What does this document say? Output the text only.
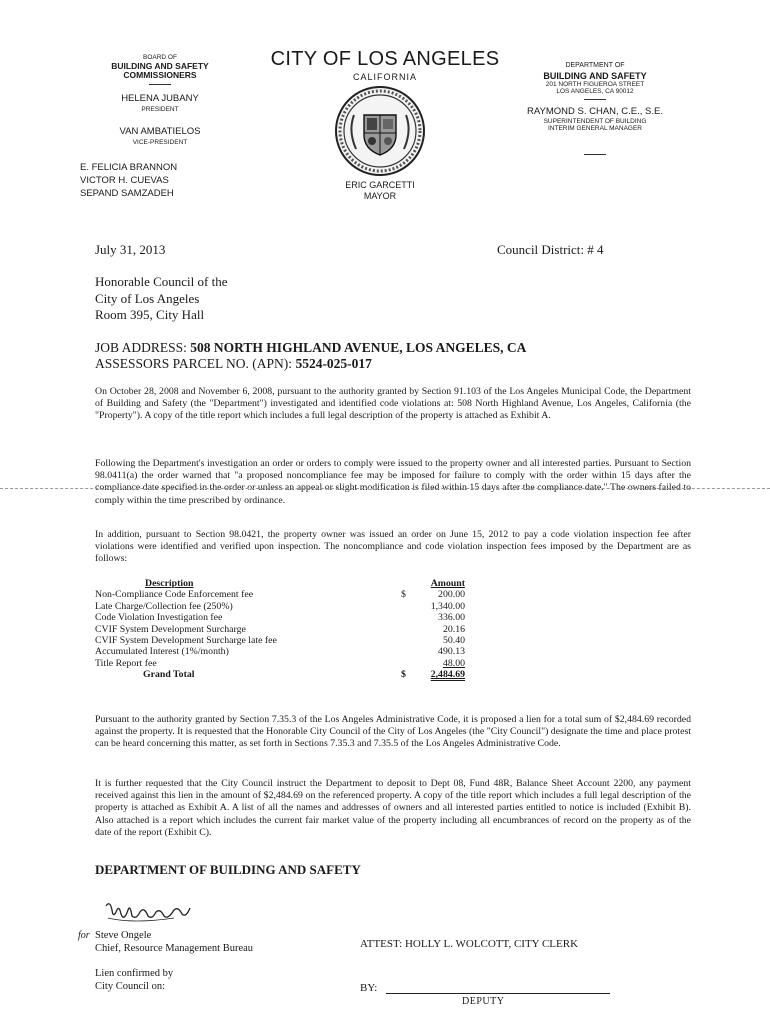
BOARD OF
BUILDING AND SAFETY
COMMISSIONERS
HELENA JUBANY
PRESIDENT
VAN AMBATIELOS
VICE-PRESIDENT
E. FELICIA BRANNON
VICTOR H. CUEVAS
SEPAND SAMZADEH
CITY OF LOS ANGELES
CALIFORNIA
ERIC GARCETTI
MAYOR
DEPARTMENT OF
BUILDING AND SAFETY
201 NORTH FIGUEROA STREET
LOS ANGELES, CA 90012
RAYMOND S. CHAN, C.E., S.E.
SUPERINTENDENT OF BUILDING
INTERIM GENERAL MANAGER
July 31, 2013	Council District: # 4
Honorable Council of the
City of Los Angeles
Room 395, City Hall
JOB ADDRESS: 508 NORTH HIGHLAND AVENUE, LOS ANGELES, CA
ASSESSORS PARCEL NO. (APN): 5524-025-017
On October 28, 2008 and November 6, 2008, pursuant to the authority granted by Section 91.103 of the Los Angeles Municipal Code, the Department of Building and Safety (the "Department") investigated and identified code violations at: 508 North Highland Avenue, Los Angeles, California (the "Property"). A copy of the title report which includes a full legal description of the property is attached as Exhibit A.
Following the Department's investigation an order or orders to comply were issued to the property owner and all interested parties. Pursuant to Section 98.0411(a) the order warned that "a proposed noncompliance fee may be imposed for failure to comply with the order within 15 days after the compliance date specified in the order or unless an appeal or slight modification is filed within 15 days after the compliance date." The owners failed to comply within the time prescribed by ordinance.
In addition, pursuant to Section 98.0421, the property owner was issued an order on June 15, 2012 to pay a code violation inspection fee after violations were identified and verified upon inspection. The noncompliance and code violation inspection fees imposed by the Department are as follows:
Description	Amount
Non-Compliance Code Enforcement fee	$	200.00
Late Charge/Collection fee (250%)	1,340.00
Code Violation Investigation fee	336.00
CVIF System Development Surcharge	20.16
CVIF System Development Surcharge late fee	50.40
Accumulated Interest (1%/month)	490.13
Title Report fee	48.00
Grand Total	$	2,484.69
Pursuant to the authority granted by Section 7.35.3 of the Los Angeles Administrative Code, it is proposed a lien for a total sum of $2,484.69 recorded against the property. It is requested that the Honorable City Council of the City of Los Angeles (the "City Council") designate the time and place protest can be heard concerning this matter, as set forth in Sections 7.35.3 and 7.35.5 of the Los Angeles Administrative Code.
It is further requested that the City Council instruct the Department to deposit to Dept 08, Fund 48R, Balance Sheet Account 2200, any payment received against this lien in the amount of $2,484.69 on the referenced property. A copy of the title report which includes a full legal description of the property is attached as Exhibit A. A list of all the names and addresses of owners and all interested parties entitled to notice is included (Exhibit B). Also attached is a report which includes the current fair market value of the property including all encumbrances of record on the property as of the date of the report (Exhibit C).
DEPARTMENT OF BUILDING AND SAFETY
for Steve Ongele
Chief, Resource Management Bureau	ATTEST: HOLLY L. WOLCOTT, CITY CLERK
Lien confirmed by
City Council on:	BY:
DEPUTY
